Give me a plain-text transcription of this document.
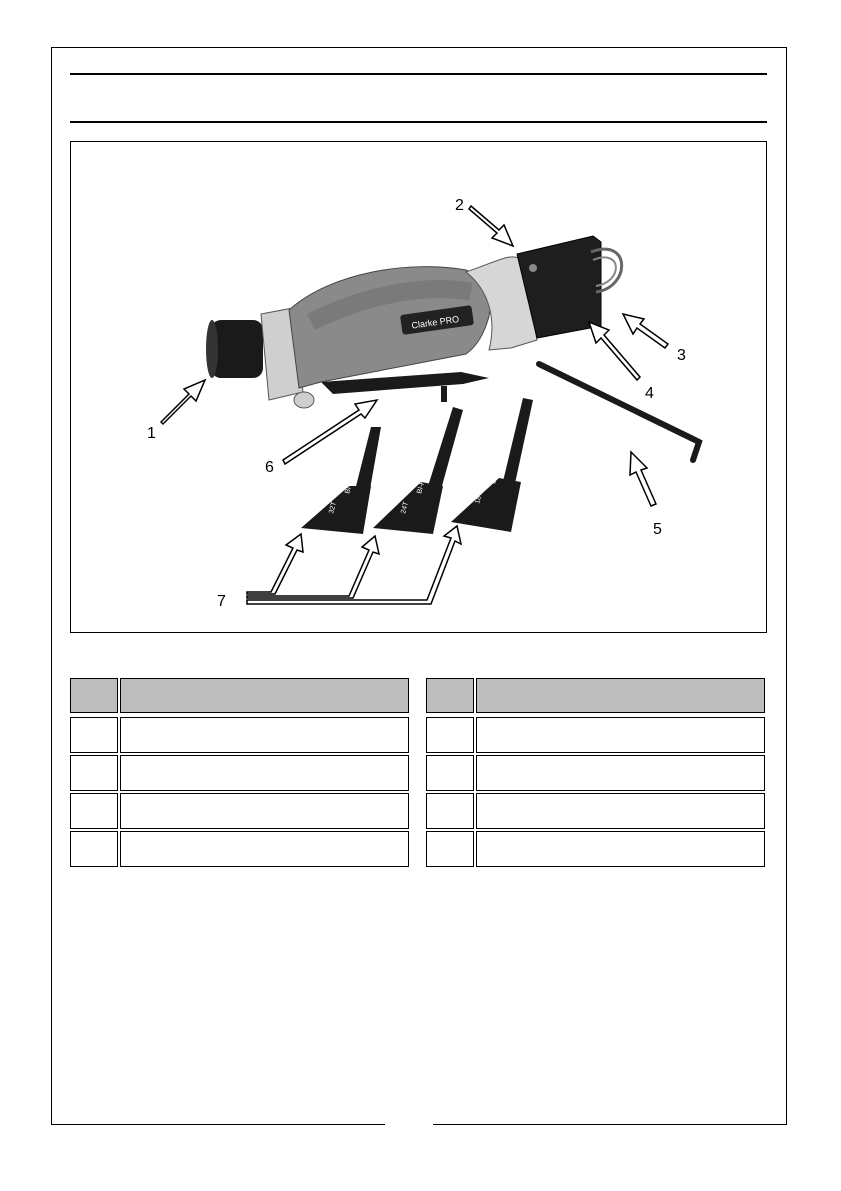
Clarke PRO
32T
BI-FLE
24T
BI-FLEX
18T
BI-FLEX
1
2
3
4
5
6
7
